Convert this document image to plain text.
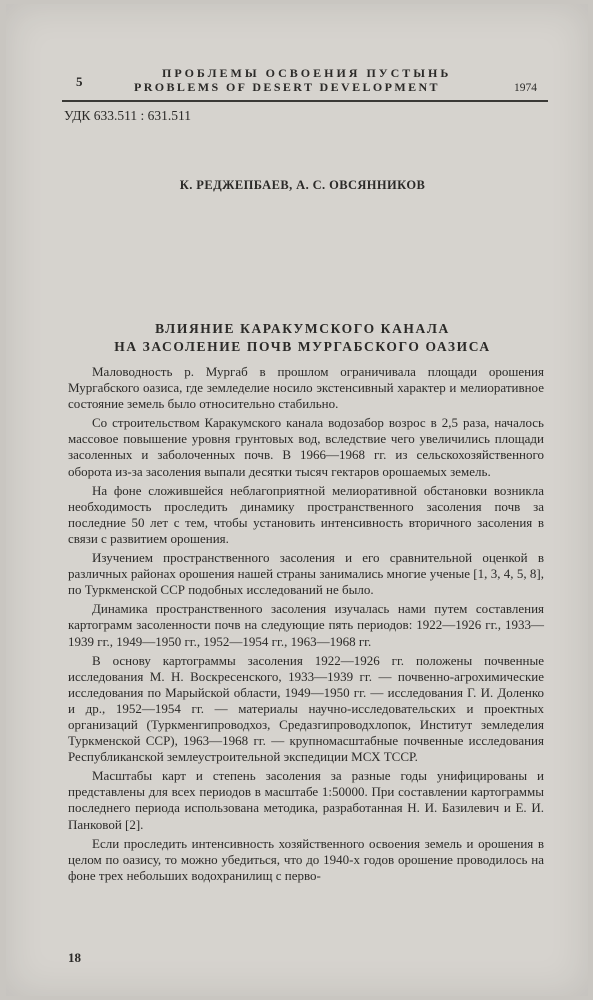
5
ПРОБЛЕМЫ ОСВОЕНИЯ ПУСТЫНЬ
PROBLEMS OF DESERT DEVELOPMENT	1974
УДК 633.511 : 631.511
К. РЕДЖЕПБАЕВ, А. С. ОВСЯННИКОВ
ВЛИЯНИЕ КАРАКУМСКОГО КАНАЛА
НА ЗАСОЛЕНИЕ ПОЧВ МУРГАБСКОГО ОАЗИСА

Маловодность р. Мургаб в прошлом ограничивала площади орошения Мургабского оазиса, где земледелие носило экстенсивный характер и мелиоративное состояние земель было относительно стабильно.

Со строительством Каракумского канала водозабор возрос в 2,5 раза, началось массовое повышение уровня грунтовых вод, вследствие чего увеличились площади засоленных и заболоченных почв. В 1966—1968 гг. из сельскохозяйственного оборота из-за засоления выпали десятки тысяч гектаров орошаемых земель.

На фоне сложившейся неблагоприятной мелиоративной обстановки возникла необходимость проследить динамику пространственного засоления почв за последние 50 лет с тем, чтобы установить интенсивность вторичного засоления в связи с развитием орошения.

Изучением пространственного засоления и его сравнительной оценкой в различных районах орошения нашей страны занимались многие ученые [1, 3, 4, 5, 8], по Туркменской ССР подобных исследований не было.

Динамика пространственного засоления изучалась нами путем составления картограмм засоленности почв на следующие пять периодов: 1922—1926 гг., 1933—1939 гг., 1949—1950 гг., 1952—1954 гг., 1963—1968 гг.

В основу картограммы засоления 1922—1926 гг. положены почвенные исследования М. Н. Воскресенского, 1933—1939 гг. — почвенно-агрохимические исследования по Марыйской области, 1949—1950 гг. — исследования Г. И. Доленко и др., 1952—1954 гг. — материалы научно-исследовательских и проектных организаций (Туркменгипроводхоз, Средазгипроводхлопок, Институт земледелия Туркменской ССР), 1963—1968 гг. — крупномасштабные почвенные исследования Республиканской землеустроительной экспедиции МСХ ТССР.

Масштабы карт и степень засоления за разные годы унифицированы и представлены для всех периодов в масштабе 1:50000. При составлении картограммы последнего периода использована методика, разработанная Н. И. Базилевич и Е. И. Панковой [2].

Если проследить интенсивность хозяйственного освоения земель и орошения в целом по оазису, то можно убедиться, что до 1940-х годов орошение проводилось на фоне трех небольших водохранилищ с перво-

18
